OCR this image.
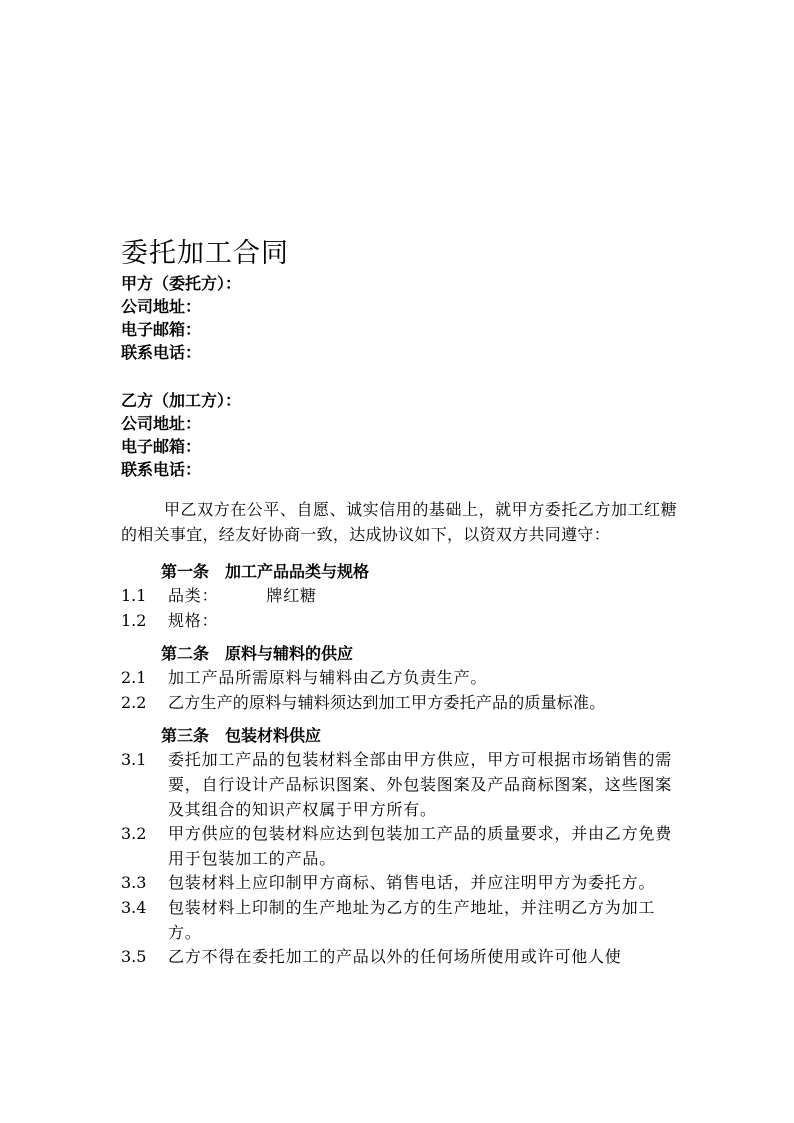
委托加工合同
甲方（委托方）：
公司地址：
电子邮箱：
联系电话：
乙方（加工方）：
公司地址：
电子邮箱：
联系电话：

甲乙双方在公平、自愿、诚实信用的基础上，就甲方委托乙方加工红糖的相关事宜，经友好协商一致，达成协议如下，以资双方共同遵守：

第一条 加工产品品类与规格
1.1	品类：	牌红糖
1.2	规格：
第二条 原料与辅料的供应
2.1	加工产品所需原料与辅料由乙方负责生产。
2.2	乙方生产的原料与辅料须达到加工甲方委托产品的质量标准。
第三条 包装材料供应
3.1	委托加工产品的包装材料全部由甲方供应，甲方可根据市场销售的需要，自行设计产品标识图案、外包装图案及产品商标图案，这些图案及其组合的知识产权属于甲方所有。
3.2	甲方供应的包装材料应达到包装加工产品的质量要求，并由乙方免费用于包装加工的产品。
3.3	包装材料上应印制甲方商标、销售电话，并应注明甲方为委托方。
3.4	包装材料上印制的生产地址为乙方的生产地址，并注明乙方为加工方。
3.5	乙方不得在委托加工的产品以外的任何场所使用或许可他人使
